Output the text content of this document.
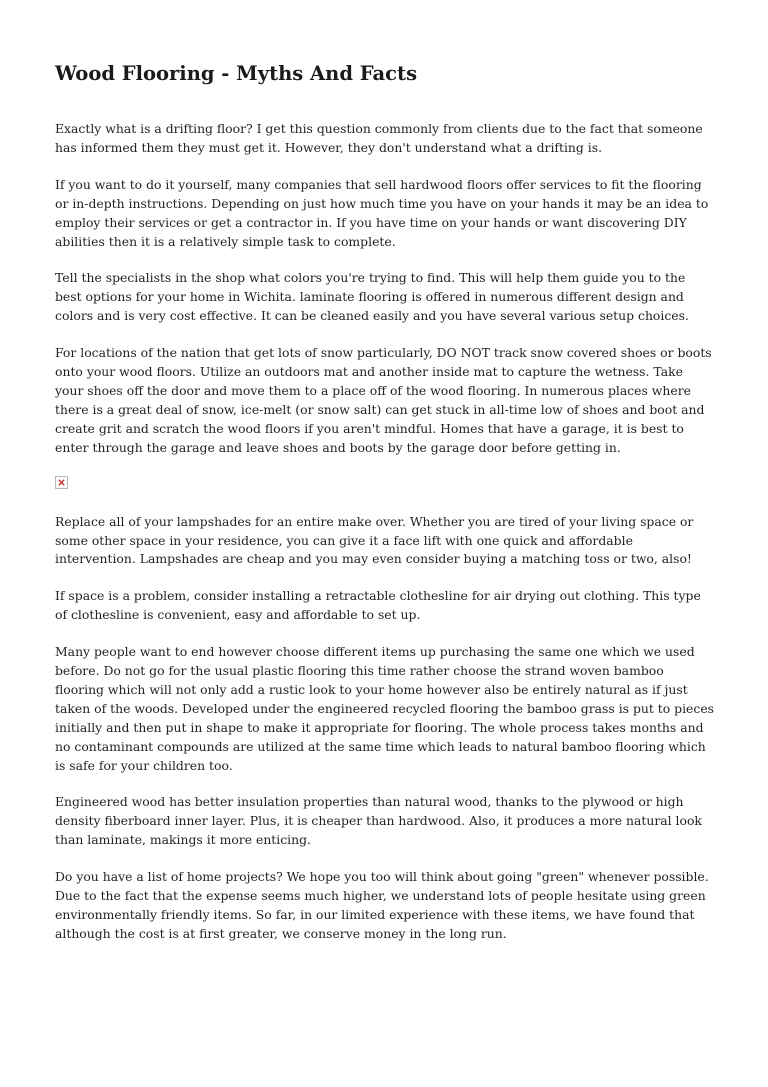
Wood Flooring - Myths And Facts

Exactly what is a drifting floor? I get this question commonly from clients due to the fact that someone has informed them they must get it. However, they don't understand what a drifting is.

If you want to do it yourself, many companies that sell hardwood floors offer services to fit the flooring or in-depth instructions. Depending on just how much time you have on your hands it may be an idea to employ their services or get a contractor in. If you have time on your hands or want discovering DIY abilities then it is a relatively simple task to complete.

Tell the specialists in the shop what colors you're trying to find. This will help them guide you to the best options for your home in Wichita. laminate flooring is offered in numerous different design and colors and is very cost effective. It can be cleaned easily and you have several various setup choices.

For locations of the nation that get lots of snow particularly, DO NOT track snow covered shoes or boots onto your wood floors. Utilize an outdoors mat and another inside mat to capture the wetness. Take your shoes off the door and move them to a place off of the wood flooring. In numerous places where there is a great deal of snow, ice-melt (or snow salt) can get stuck in all-time low of shoes and boot and create grit and scratch the wood floors if you aren't mindful. Homes that have a garage, it is best to enter through the garage and leave shoes and boots by the garage door before getting in.

Replace all of your lampshades for an entire make over. Whether you are tired of your living space or some other space in your residence, you can give it a face lift with one quick and affordable intervention. Lampshades are cheap and you may even consider buying a matching toss or two, also!

If space is a problem, consider installing a retractable clothesline for air drying out clothing. This type of clothesline is convenient, easy and affordable to set up.

Many people want to end however choose different items up purchasing the same one which we used before. Do not go for the usual plastic flooring this time rather choose the strand woven bamboo flooring which will not only add a rustic look to your home however also be entirely natural as if just taken of the woods. Developed under the engineered recycled flooring the bamboo grass is put to pieces initially and then put in shape to make it appropriate for flooring. The whole process takes months and no contaminant compounds are utilized at the same time which leads to natural bamboo flooring which is safe for your children too.

Engineered wood has better insulation properties than natural wood, thanks to the plywood or high density fiberboard inner layer. Plus, it is cheaper than hardwood. Also, it produces a more natural look than laminate, makings it more enticing.

Do you have a list of home projects? We hope you too will think about going "green" whenever possible. Due to the fact that the expense seems much higher, we understand lots of people hesitate using green environmentally friendly items. So far, in our limited experience with these items, we have found that although the cost is at first greater, we conserve money in the long run.
